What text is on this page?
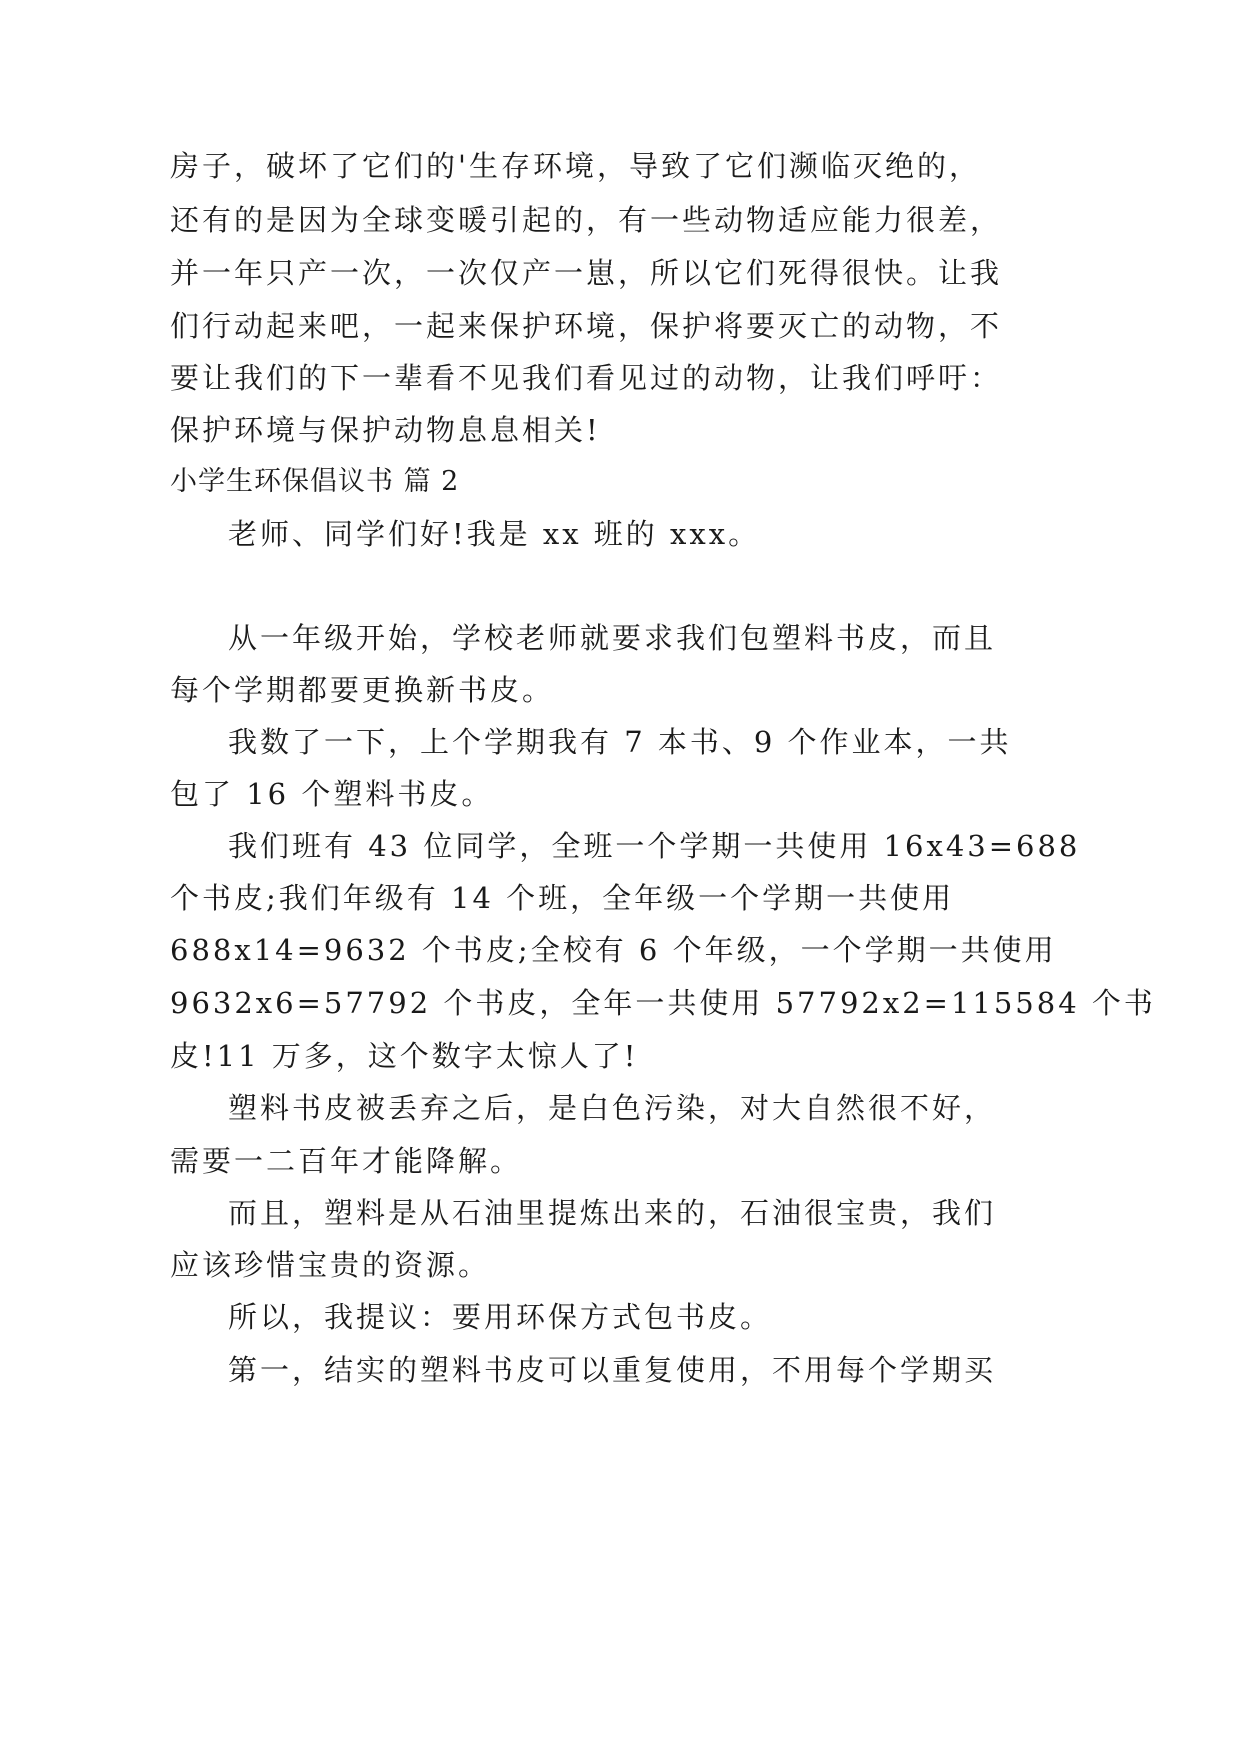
房子，破坏了它们的'生存环境，导致了它们濒临灭绝的，
还有的是因为全球变暖引起的，有一些动物适应能力很差，
并一年只产一次，一次仅产一崽，所以它们死得很快。让我
们行动起来吧，一起来保护环境，保护将要灭亡的动物，不
要让我们的下一辈看不见我们看见过的动物，让我们呼吁：
保护环境与保护动物息息相关!
小学生环保倡议书 篇 2
老师、同学们好!我是 xx 班的 xxx。
从一年级开始，学校老师就要求我们包塑料书皮，而且
每个学期都要更换新书皮。
我数了一下，上个学期我有 7 本书、9 个作业本，一共
包了 16 个塑料书皮。
我们班有 43 位同学，全班一个学期一共使用 16x43=688
个书皮;我们年级有 14 个班，全年级一个学期一共使用
688x14=9632 个书皮;全校有 6 个年级，一个学期一共使用
9632x6=57792 个书皮，全年一共使用 57792x2=115584 个书
皮!11 万多，这个数字太惊人了!
塑料书皮被丢弃之后，是白色污染，对大自然很不好，
需要一二百年才能降解。
而且，塑料是从石油里提炼出来的，石油很宝贵，我们
应该珍惜宝贵的资源。
所以，我提议：要用环保方式包书皮。
第一，结实的塑料书皮可以重复使用，不用每个学期买
